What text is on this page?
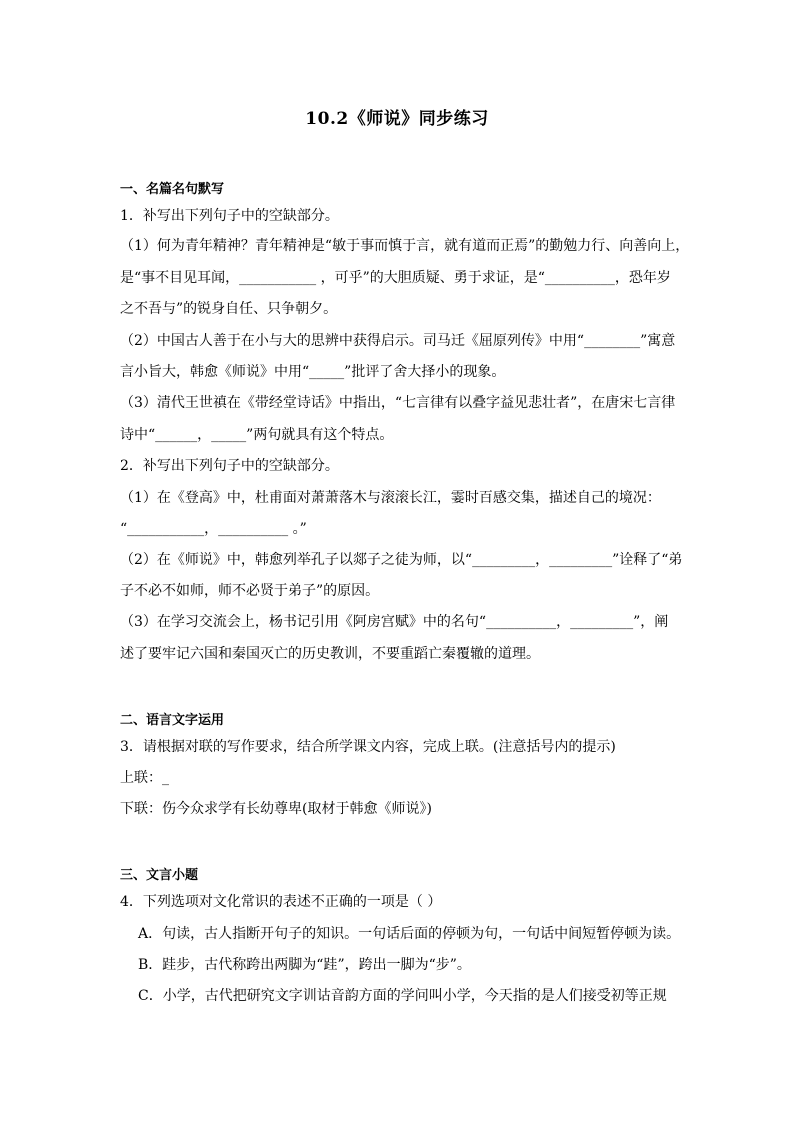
10.2《师说》同步练习
一、名篇名句默写
1．补写出下列句子中的空缺部分。
（1）何为青年精神？青年精神是“敏于事而慎于言，就有道而正焉”的勤勉力行、向善向上，
是“事不目见耳闻，___________ ，可乎”的大胆质疑、勇于求证，是“__________，恐年岁
之不吾与”的锐身自任、只争朝夕。
（2）中国古人善于在小与大的思辨中获得启示。司马迁《屈原列传》中用“________”寓意
言小旨大，韩愈《师说》中用“_____”批评了舍大择小的现象。
（3）清代王世禛在《带经堂诗话》中指出，“七言律有以叠字益见悲壮者”，在唐宋七言律
诗中“______，_____”两句就具有这个特点。
2．补写出下列句子中的空缺部分。
（1）在《登高》中，杜甫面对萧萧落木与滚滚长江，霎时百感交集，描述自己的境况：
“___________，__________ 。”
（2）在《师说》中，韩愈列举孔子以郯子之徒为师，以“_________，_________”诠释了“弟
子不必不如师，师不必贤于弟子”的原因。
（3）在学习交流会上，杨书记引用《阿房宫赋》中的名句“__________，_________”，阐
述了要牢记六国和秦国灭亡的历史教训，不要重蹈亡秦覆辙的道理。
二、语言文字运用
3．请根据对联的写作要求，结合所学课文内容，完成上联。(注意括号内的提示)
上联：_
下联：伤今众求学有长幼尊卑(取材于韩愈《师说》)
三、文言小题
4．下列选项对文化常识的表述不正确的一项是（ ）
A．句读，古人指断开句子的知识。一句话后面的停顿为句，一句话中间短暂停顿为读。
B．跬步，古代称跨出两脚为“跬”，跨出一脚为“步”。
C．小学，古代把研究文字训诂音韵方面的学问叫小学，今天指的是人们接受初等正规
